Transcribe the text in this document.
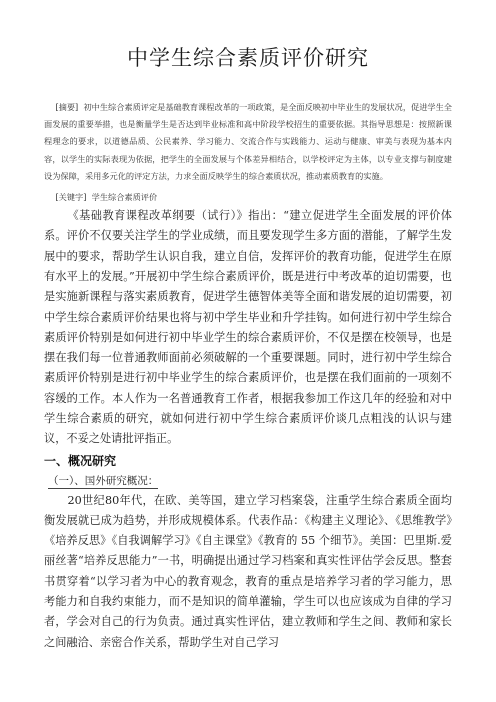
中学生综合素质评价研究

[摘要] 初中生综合素质评定是基础教育课程改革的一项政策，是全面反映初中毕业生的发展状况，促进学生全面发展的重要举措，也是衡量学生是否达到毕业标准和高中阶段学校招生的重要依据。其指导思想是：按照新课程理念的要求，以道德品质、公民素养、学习能力、交流合作与实践能力、运动与健康、审美与表现为基本内容，以学生的实际表现为依据，把学生的全面发展与个体差异相结合，以学校评定为主体，以专业支撑与制度建设为保障，采用多元化的评定方法，力求全面反映学生的综合素质状况，推动素质教育的实施。

[关键字] 学生综合素质评价

《基础教育课程改革纲要（试行）》指出：“建立促进学生全面发展的评价体系。评价不仅要关注学生的学业成绩，而且要发现学生多方面的潜能，了解学生发展中的要求，帮助学生认识自我，建立自信，发挥评价的教育功能，促进学生在原有水平上的发展。”开展初中学生综合素质评价，既是进行中考改革的迫切需要，也是实施新课程与落实素质教育，促进学生德智体美等全面和谐发展的迫切需要，初中学生综合素质评价结果也将与初中学生毕业和升学挂钩。如何进行初中学生综合素质评价特别是如何进行初中毕业学生的综合素质评价，不仅是摆在校领导，也是摆在我们每一位普通教师面前必须破解的一个重要课题。同时，进行初中学生综合素质评价特别是进行初中毕业学生的综合素质评价，也是摆在我们面前的一项刻不容缓的工作。本人作为一名普通教育工作者，根据我参加工作这几年的经验和对中学生综合素质的研究，就如何进行初中学生综合素质评价谈几点粗浅的认识与建议，不妥之处请批评指正。

一、概况研究

（一）、国外研究概况：

20世纪80年代，在欧、美等国，建立学习档案袋，注重学生综合素质全面均衡发展就已成为趋势，并形成规模体系。代表作品：《构建主义理论》、《思维教学》《培养反思》《自我调解学习》《自主课堂》《教育的 55 个细节》。美国：巴里斯.爱丽丝著“培养反思能力”一书，明确提出通过学习档案和真实性评估学会反思。整套书贯穿着“以学习者为中心的教育观念，教育的重点是培养学习者的学习能力，思考能力和自我约束能力，而不是知识的简单灌输，学生可以也应该成为自律的学习者，学会对自己的行为负责。通过真实性评估，建立教师和学生之间、教师和家长之间融洽、亲密合作关系，帮助学生对自己学习
